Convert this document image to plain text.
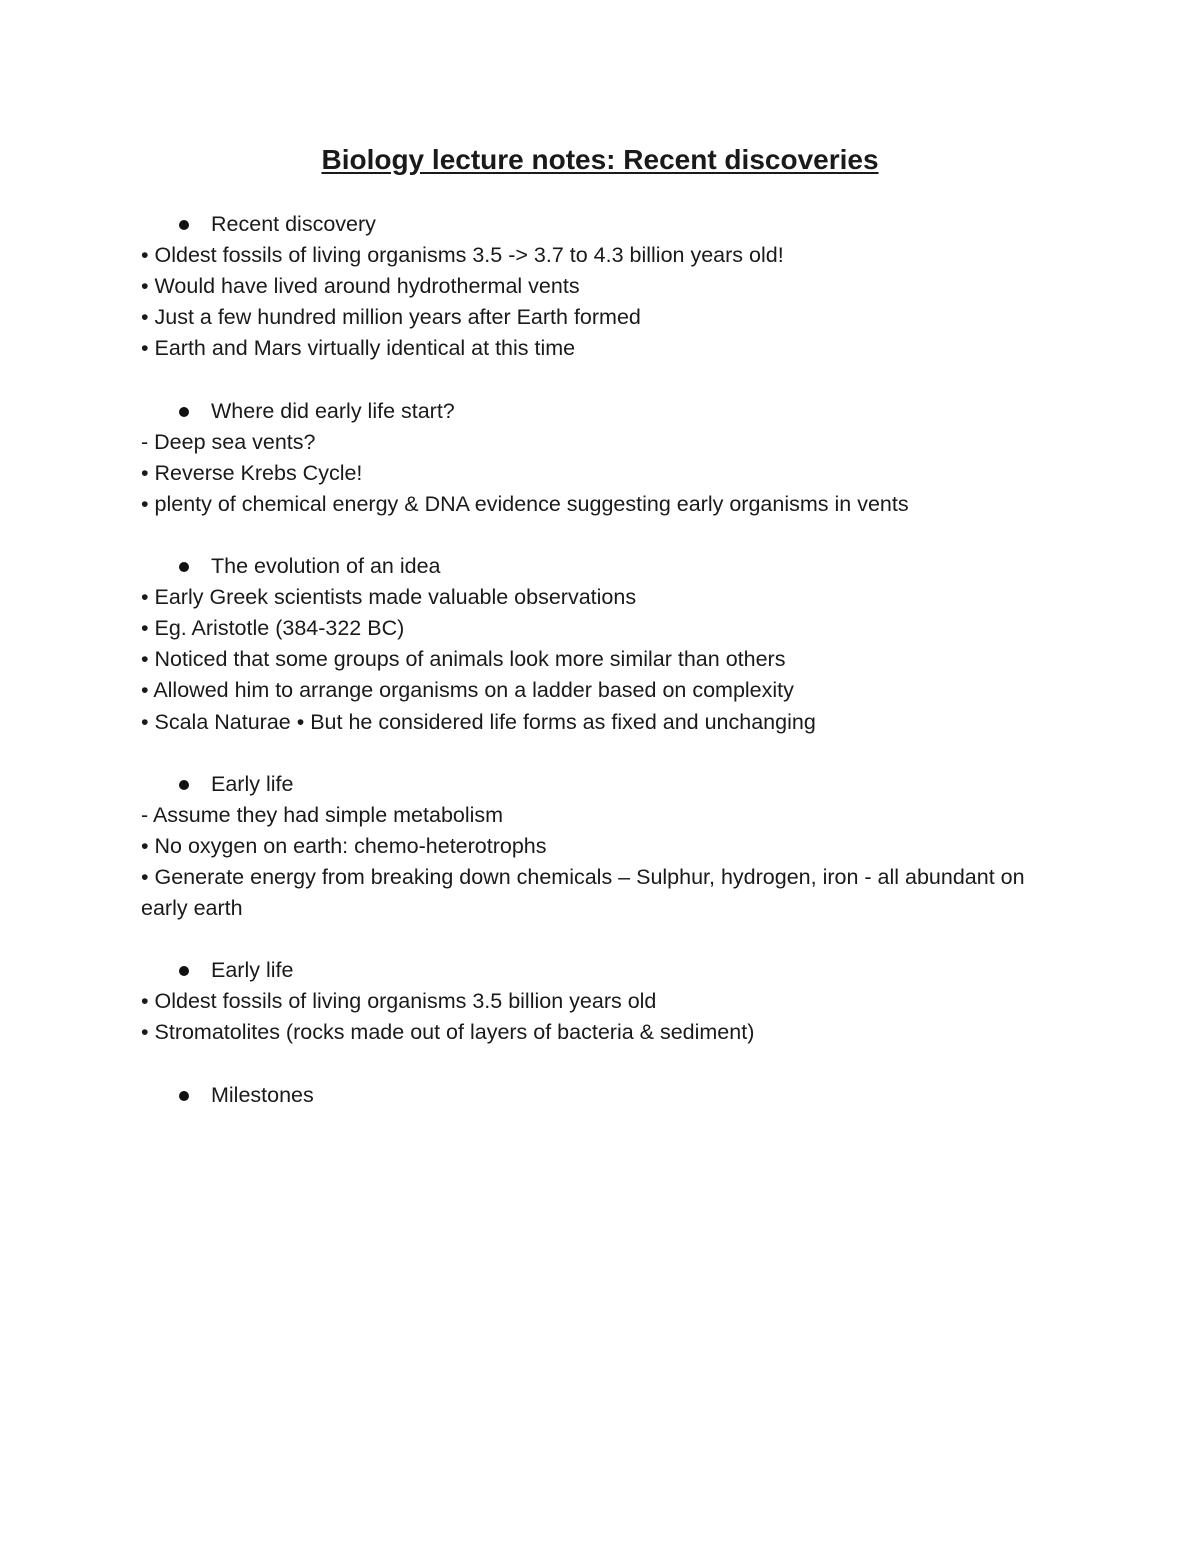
Biology lecture notes: Recent discoveries

Recent discovery

• Oldest fossils of living organisms 3.5 -> 3.7 to 4.3 billion years old!

• Would have lived around hydrothermal vents

• Just a few hundred million years after Earth formed

• Earth and Mars virtually identical at this time

Where did early life start?

- Deep sea vents?

• Reverse Krebs Cycle!

• plenty of chemical energy & DNA evidence suggesting early organisms in vents

The evolution of an idea

• Early Greek scientists made valuable observations

• Eg. Aristotle (384-322 BC)

• Noticed that some groups of animals look more similar than others

• Allowed him to arrange organisms on a ladder based on complexity

• Scala Naturae • But he considered life forms as fixed and unchanging

Early life

- Assume they had simple metabolism

• No oxygen on earth: chemo-heterotrophs

• Generate energy from breaking down chemicals – Sulphur, hydrogen, iron - all abundant on early earth

Early life

• Oldest fossils of living organisms 3.5 billion years old

• Stromatolites (rocks made out of layers of bacteria & sediment)

Milestones
